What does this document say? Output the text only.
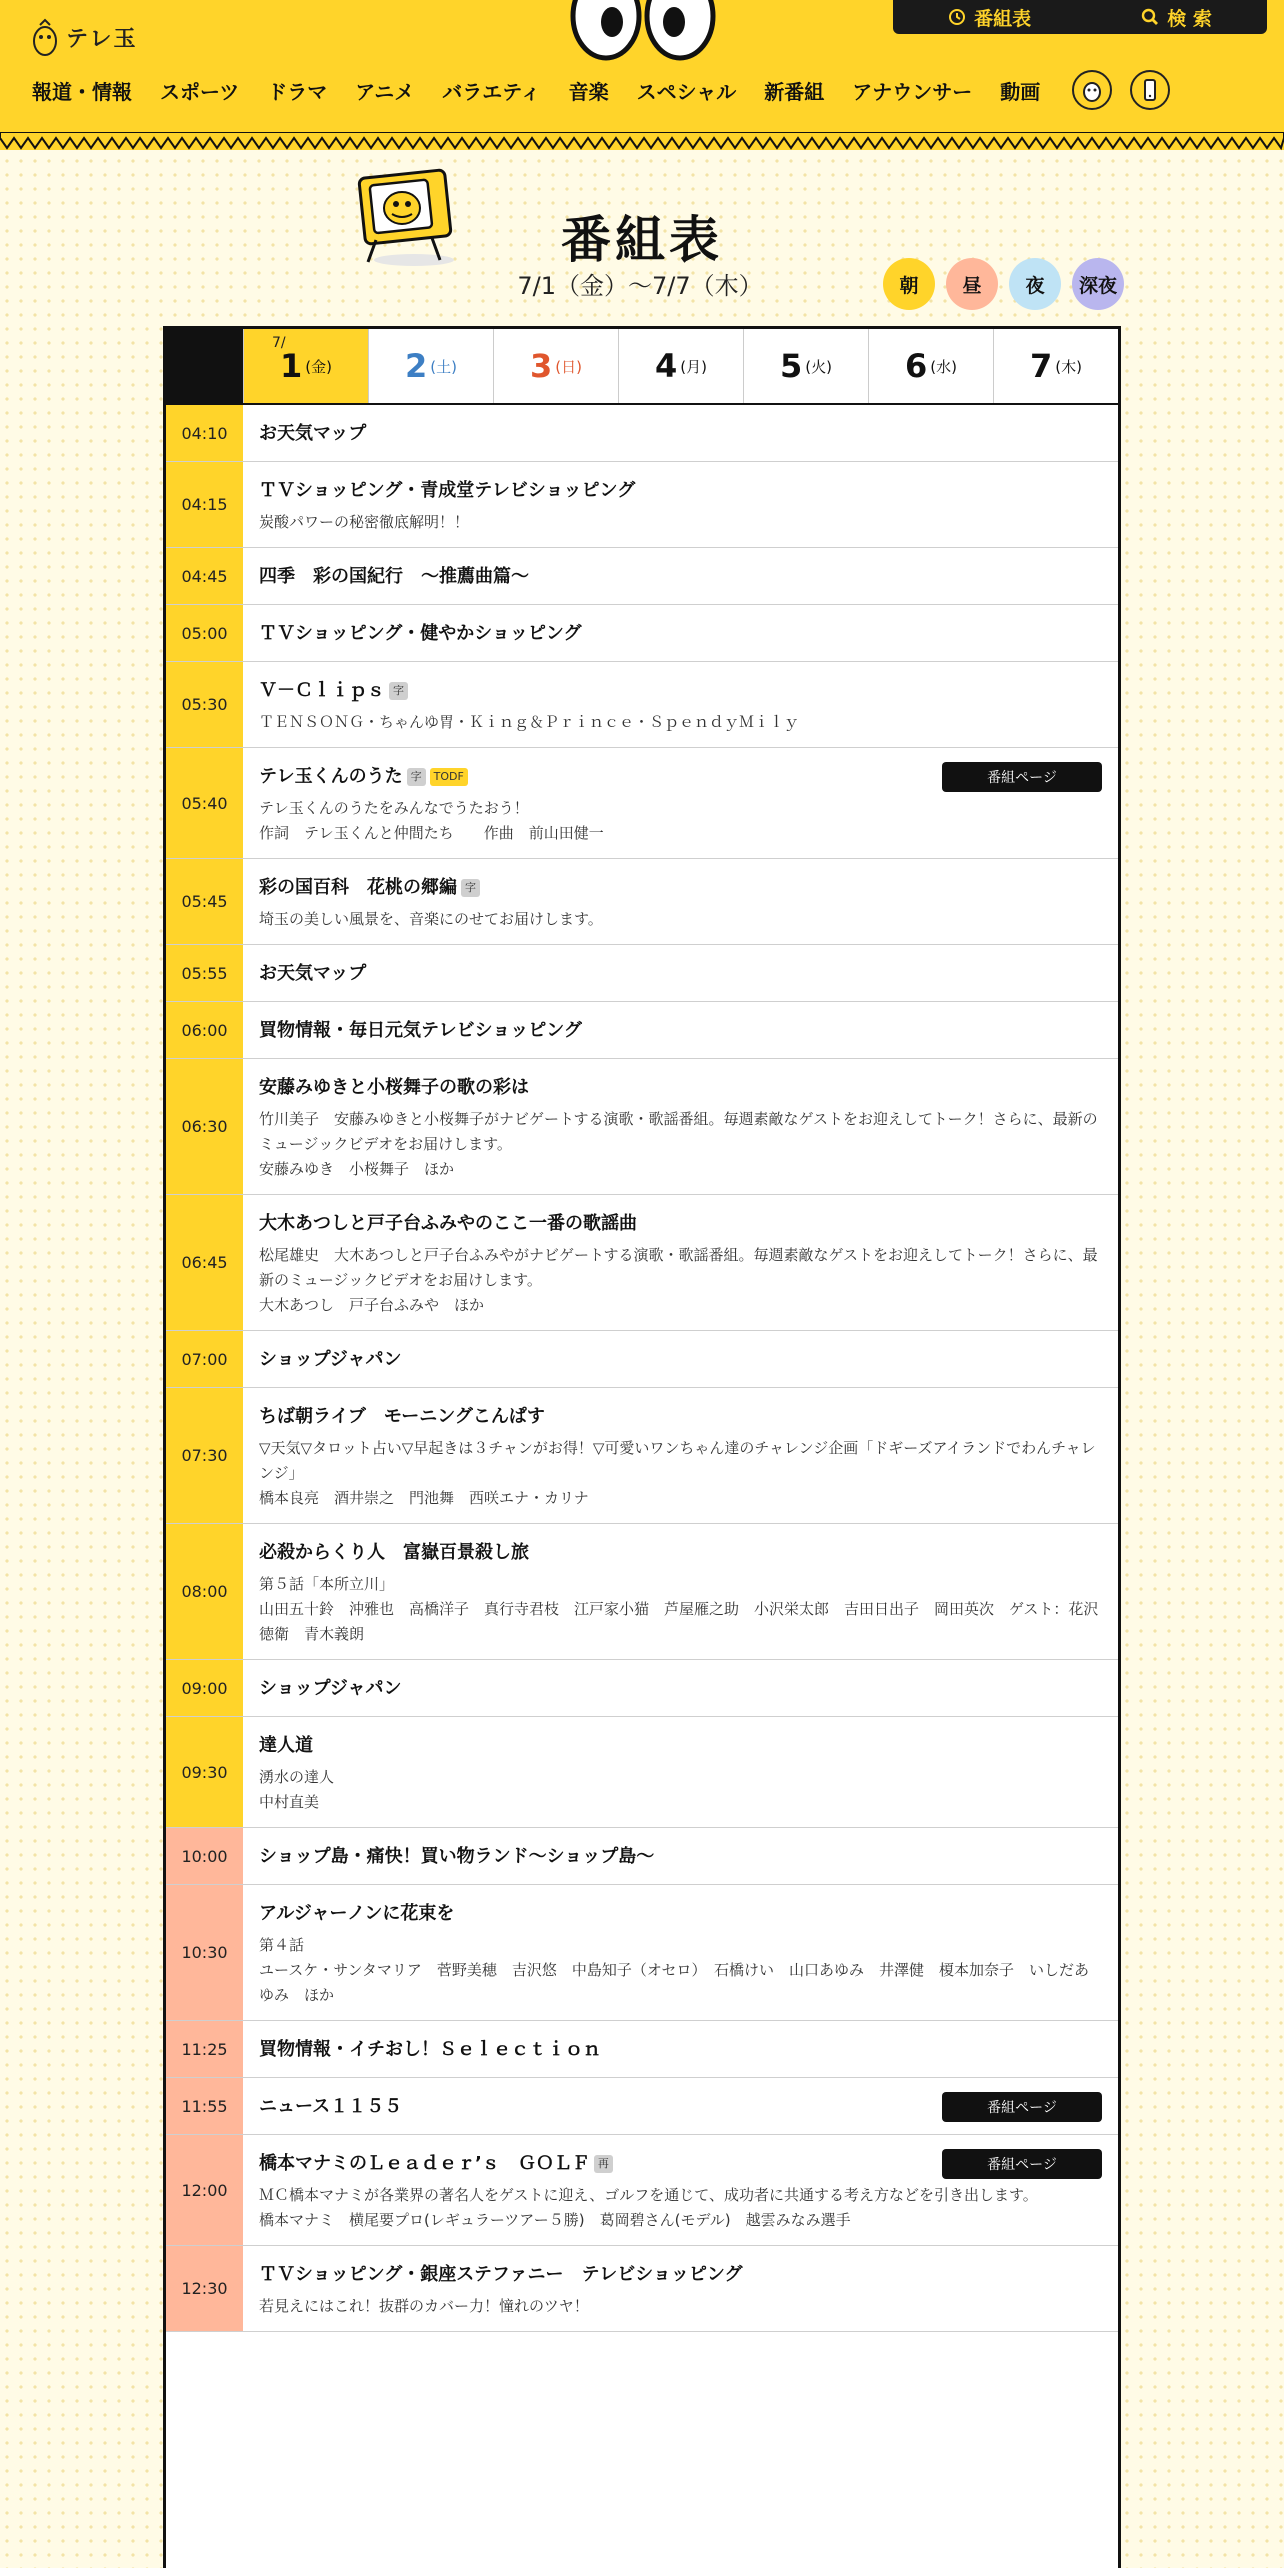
テレ玉
番組表	検 索
報道・情報	スポーツ	ドラマ	アニメ	バラエティ	音楽	スペシャル	新番組	アナウンサー	動画
番組表
7/1（金）〜7/7（木）	朝	昼	夜	深夜
7/
1 (金) 2 (土) 3 (日) 4 (月) 5 (火) 6 (水) 7 (木)
04:10	お天気マップ
04:15
ＴＶショッピング・青成堂テレビショッピング
炭酸パワーの秘密徹底解明！！
04:45	四季　彩の国紀行　～推薦曲篇～
05:00	ＴＶショッピング・健やかショッピング
05:30
Ｖ－Ｃｌｉｐｓ 字
ＴＥＮＳＯＮＧ・ちゃんゆ胃・Ｋｉｎｇ＆Ｐｒｉｎｃｅ・ＳｐｅｎｄｙＭｉｌｙ
05:40
テレ玉くんのうた 字 TODF
テレ玉くんのうたをみんなでうたおう！
作詞　テレ玉くんと仲間たち　　作曲　前山田健一
番組ページ
05:45
彩の国百科　花桃の郷編 字
埼玉の美しい風景を、音楽にのせてお届けします。
05:55	お天気マップ
06:00	買物情報・毎日元気テレビショッピング
06:30
安藤みゆきと小桜舞子の歌の彩は
竹川美子　安藤みゆきと小桜舞子がナビゲートする演歌・歌謡番組。毎週素敵なゲストをお迎えしてトーク！さらに、最新のミュージックビデオをお届けします。
安藤みゆき　小桜舞子　ほか
06:45
大木あつしと戸子台ふみやのここ一番の歌謡曲
松尾雄史　大木あつしと戸子台ふみやがナビゲートする演歌・歌謡番組。毎週素敵なゲストをお迎えしてトーク！さらに、最新のミュージックビデオをお届けします。
大木あつし　戸子台ふみや　ほか
07:00	ショップジャパン
07:30
ちば朝ライブ　モーニングこんぱす
▽天気▽タロット占い▽早起きは３チャンがお得！▽可愛いワンちゃん達のチャレンジ企画「ドギーズアイランドでわんチャレンジ」
橋本良亮　酒井崇之　門池舞　西咲エナ・カリナ
08:00
必殺からくり人　富嶽百景殺し旅
第５話「本所立川」
山田五十鈴　沖雅也　高橋洋子　真行寺君枝　江戸家小猫　芦屋雁之助　小沢栄太郎　吉田日出子　岡田英次　ゲスト：花沢徳衛　青木義朗
09:00	ショップジャパン
09:30
達人道
湧水の達人
中村直美
10:00	ショップ島・痛快！買い物ランド～ショップ島～
10:30
アルジャーノンに花束を
第４話
ユースケ・サンタマリア　菅野美穂　吉沢悠　中島知子（オセロ）　石橋けい　山口あゆみ　井澤健　榎本加奈子　いしだあゆみ　ほか
11:25	買物情報・イチおし！Ｓｅｌｅｃｔｉｏｎ
11:55	ニュース１１５５	番組ページ
12:00
橋本マナミのＬｅａｄｅｒ’ｓ　ＧＯＬＦ 再
ＭＣ橋本マナミが各業界の著名人をゲストに迎え、ゴルフを通じて、成功者に共通する考え方などを引き出します。
橋本マナミ　横尾要プロ(レギュラーツアー５勝)　葛岡碧さん(モデル)　越雲みなみ選手
番組ページ
12:30
ＴＶショッピング・銀座ステファニー　テレビショッピング
若見えにはこれ！抜群のカバー力！憧れのツヤ！
